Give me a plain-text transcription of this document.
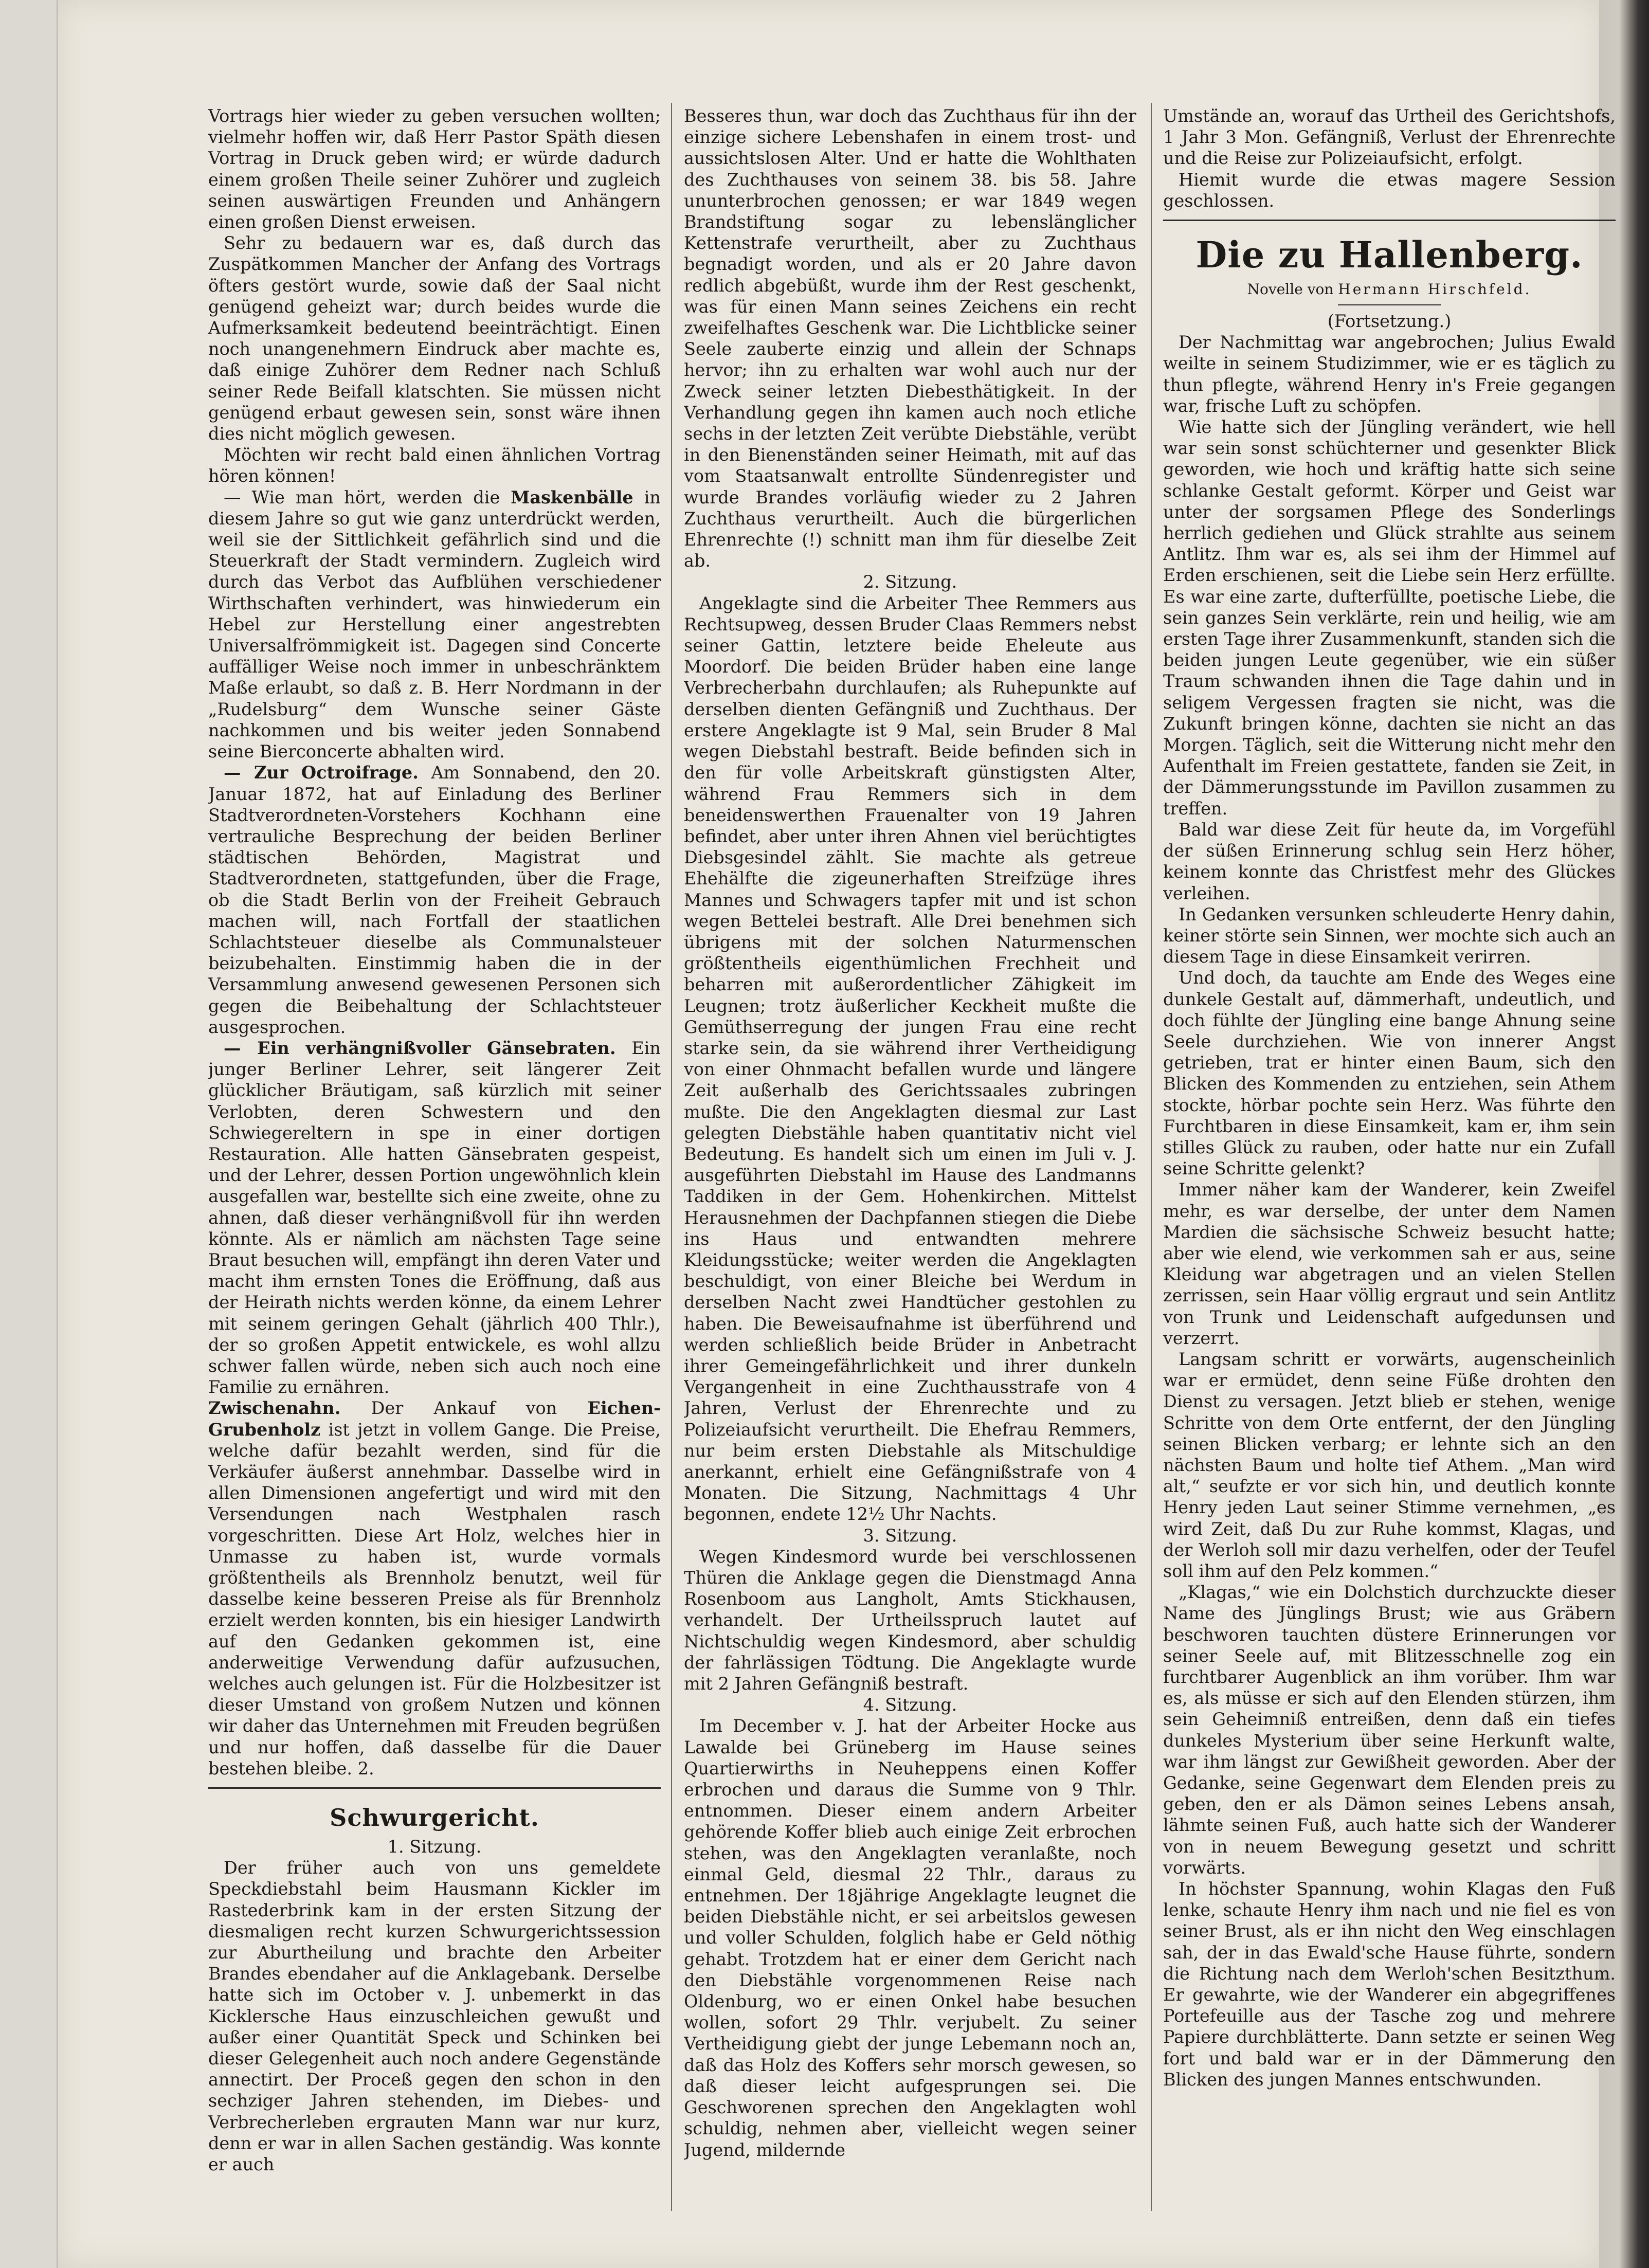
Vortrags hier wieder zu geben versuchen wollten; vielmehr hoffen wir, daß Herr Pastor Späth diesen Vortrag in Druck geben wird; er würde dadurch einem großen Theile seiner Zuhörer und zugleich seinen auswärtigen Freunden und Anhängern einen großen Dienst erweisen.

Sehr zu bedauern war es, daß durch das Zuspätkommen Mancher der Anfang des Vortrags öfters gestört wurde, sowie daß der Saal nicht genügend geheizt war; durch beides wurde die Aufmerksamkeit bedeutend beeinträchtigt. Einen noch unangenehmern Eindruck aber machte es, daß einige Zuhörer dem Redner nach Schluß seiner Rede Beifall klatschten. Sie müssen nicht genügend erbaut gewesen sein, sonst wäre ihnen dies nicht möglich gewesen.

Möchten wir recht bald einen ähnlichen Vortrag hören können!

— Wie man hört, werden die Maskenbälle in diesem Jahre so gut wie ganz unterdrückt werden, weil sie der Sittlichkeit gefährlich sind und die Steuerkraft der Stadt vermindern. Zugleich wird durch das Verbot das Aufblühen verschiedener Wirthschaften verhindert, was hinwiederum ein Hebel zur Herstellung einer angestrebten Universalfrömmigkeit ist. Dagegen sind Concerte auffälliger Weise noch immer in unbeschränktem Maße erlaubt, so daß z. B. Herr Nordmann in der „Rudelsburg“ dem Wunsche seiner Gäste nachkommen und bis weiter jeden Sonnabend seine Bierconcerte abhalten wird.

— Zur Octroifrage. Am Sonnabend, den 20. Januar 1872, hat auf Einladung des Berliner Stadtverordneten-Vorstehers Kochhann eine vertrauliche Besprechung der beiden Berliner städtischen Behörden, Magistrat und Stadtverordneten, stattgefunden, über die Frage, ob die Stadt Berlin von der Freiheit Gebrauch machen will, nach Fortfall der staatlichen Schlachtsteuer dieselbe als Communalsteuer beizubehalten. Einstimmig haben die in der Versammlung anwesend gewesenen Personen sich gegen die Beibehaltung der Schlachtsteuer ausgesprochen.

— Ein verhängnißvoller Gänsebraten. Ein junger Berliner Lehrer, seit längerer Zeit glücklicher Bräutigam, saß kürzlich mit seiner Verlobten, deren Schwestern und den Schwiegereltern in spe in einer dortigen Restauration. Alle hatten Gänsebraten gespeist, und der Lehrer, dessen Portion ungewöhnlich klein ausgefallen war, bestellte sich eine zweite, ohne zu ahnen, daß dieser verhängnißvoll für ihn werden könnte. Als er nämlich am nächsten Tage seine Braut besuchen will, empfängt ihn deren Vater und macht ihm ernsten Tones die Eröffnung, daß aus der Heirath nichts werden könne, da einem Lehrer mit seinem geringen Gehalt (jährlich 400 Thlr.), der so großen Appetit entwickele, es wohl allzu schwer fallen würde, neben sich auch noch eine Familie zu ernähren.

Zwischenahn. Der Ankauf von Eichen-Grubenholz ist jetzt in vollem Gange. Die Preise, welche dafür bezahlt werden, sind für die Verkäufer äußerst annehmbar. Dasselbe wird in allen Dimensionen angefertigt und wird mit den Versendungen nach Westphalen rasch vorgeschritten. Diese Art Holz, welches hier in Unmasse zu haben ist, wurde vormals größtentheils als Brennholz benutzt, weil für dasselbe keine besseren Preise als für Brennholz erzielt werden konnten, bis ein hiesiger Landwirth auf den Gedanken gekommen ist, eine anderweitige Verwendung dafür aufzusuchen, welches auch gelungen ist. Für die Holzbesitzer ist dieser Umstand von großem Nutzen und können wir daher das Unternehmen mit Freuden begrüßen und nur hoffen, daß dasselbe für die Dauer bestehen bleibe. 2.

Schwurgericht.

1. Sitzung.

Der früher auch von uns gemeldete Speckdiebstahl beim Hausmann Kickler im Rastederbrink kam in der ersten Sitzung der diesmaligen recht kurzen Schwurgerichtssession zur Aburtheilung und brachte den Arbeiter Brandes ebendaher auf die Anklagebank. Derselbe hatte sich im October v. J. unbemerkt in das Kicklersche Haus einzuschleichen gewußt und außer einer Quantität Speck und Schinken bei dieser Gelegenheit auch noch andere Gegenstände annectirt. Der Proceß gegen den schon in den sechziger Jahren stehenden, im Diebes- und Verbrecherleben ergrauten Mann war nur kurz, denn er war in allen Sachen geständig. Was konnte er auch

Besseres thun, war doch das Zuchthaus für ihn der einzige sichere Lebenshafen in einem trost- und aussichtslosen Alter. Und er hatte die Wohlthaten des Zuchthauses von seinem 38. bis 58. Jahre ununterbrochen genossen; er war 1849 wegen Brandstiftung sogar zu lebenslänglicher Kettenstrafe verurtheilt, aber zu Zuchthaus begnadigt worden, und als er 20 Jahre davon redlich abgebüßt, wurde ihm der Rest geschenkt, was für einen Mann seines Zeichens ein recht zweifelhaftes Geschenk war. Die Lichtblicke seiner Seele zauberte einzig und allein der Schnaps hervor; ihn zu erhalten war wohl auch nur der Zweck seiner letzten Diebesthätigkeit. In der Verhandlung gegen ihn kamen auch noch etliche sechs in der letzten Zeit verübte Diebstähle, verübt in den Bienenständen seiner Heimath, mit auf das vom Staatsanwalt entrollte Sündenregister und wurde Brandes vorläufig wieder zu 2 Jahren Zuchthaus verurtheilt. Auch die bürgerlichen Ehrenrechte (!) schnitt man ihm für dieselbe Zeit ab.

2. Sitzung.

Angeklagte sind die Arbeiter Thee Remmers aus Rechtsupweg, dessen Bruder Claas Remmers nebst seiner Gattin, letztere beide Eheleute aus Moordorf. Die beiden Brüder haben eine lange Verbrecherbahn durchlaufen; als Ruhepunkte auf derselben dienten Gefängniß und Zuchthaus. Der erstere Angeklagte ist 9 Mal, sein Bruder 8 Mal wegen Diebstahl bestraft. Beide befinden sich in den für volle Arbeitskraft günstigsten Alter, während Frau Remmers sich in dem beneidenswerthen Frauenalter von 19 Jahren befindet, aber unter ihren Ahnen viel berüchtigtes Diebsgesindel zählt. Sie machte als getreue Ehehälfte die zigeunerhaften Streifzüge ihres Mannes und Schwagers tapfer mit und ist schon wegen Bettelei bestraft. Alle Drei benehmen sich übrigens mit der solchen Naturmenschen größtentheils eigenthümlichen Frechheit und beharren mit außerordentlicher Zähigkeit im Leugnen; trotz äußerlicher Keckheit mußte die Gemüthserregung der jungen Frau eine recht starke sein, da sie während ihrer Vertheidigung von einer Ohnmacht befallen wurde und längere Zeit außerhalb des Gerichtssaales zubringen mußte. Die den Angeklagten diesmal zur Last gelegten Diebstähle haben quantitativ nicht viel Bedeutung. Es handelt sich um einen im Juli v. J. ausgeführten Diebstahl im Hause des Landmanns Taddiken in der Gem. Hohenkirchen. Mittelst Herausnehmen der Dachpfannen stiegen die Diebe ins Haus und entwandten mehrere Kleidungsstücke; weiter werden die Angeklagten beschuldigt, von einer Bleiche bei Werdum in derselben Nacht zwei Handtücher gestohlen zu haben. Die Beweisaufnahme ist überführend und werden schließlich beide Brüder in Anbetracht ihrer Gemeingefährlichkeit und ihrer dunkeln Vergangenheit in eine Zuchthausstrafe von 4 Jahren, Verlust der Ehrenrechte und zu Polizeiaufsicht verurtheilt. Die Ehefrau Remmers, nur beim ersten Diebstahle als Mitschuldige anerkannt, erhielt eine Gefängnißstrafe von 4 Monaten. Die Sitzung, Nachmittags 4 Uhr begonnen, endete 12½ Uhr Nachts.

3. Sitzung.

Wegen Kindesmord wurde bei verschlossenen Thüren die Anklage gegen die Dienstmagd Anna Rosenboom aus Langholt, Amts Stickhausen, verhandelt. Der Urtheilsspruch lautet auf Nichtschuldig wegen Kindesmord, aber schuldig der fahrlässigen Tödtung. Die Angeklagte wurde mit 2 Jahren Gefängniß bestraft.

4. Sitzung.

Im December v. J. hat der Arbeiter Hocke aus Lawalde bei Grüneberg im Hause seines Quartierwirths in Neuheppens einen Koffer erbrochen und daraus die Summe von 9 Thlr. entnommen. Dieser einem andern Arbeiter gehörende Koffer blieb auch einige Zeit erbrochen stehen, was den Angeklagten veranlaßte, noch einmal Geld, diesmal 22 Thlr., daraus zu entnehmen. Der 18jährige Angeklagte leugnet die beiden Diebstähle nicht, er sei arbeitslos gewesen und voller Schulden, folglich habe er Geld nöthig gehabt. Trotzdem hat er einer dem Gericht nach den Diebstähle vorgenommenen Reise nach Oldenburg, wo er einen Onkel habe besuchen wollen, sofort 29 Thlr. verjubelt. Zu seiner Vertheidigung giebt der junge Lebemann noch an, daß das Holz des Koffers sehr morsch gewesen, so daß dieser leicht aufgesprungen sei. Die Geschworenen sprechen den Angeklagten wohl schuldig, nehmen aber, vielleicht wegen seiner Jugend, mildernde

Umstände an, worauf das Urtheil des Gerichtshofs, 1 Jahr 3 Mon. Gefängniß, Verlust der Ehrenrechte und die Reise zur Polizeiaufsicht, erfolgt.

Hiemit wurde die etwas magere Session geschlossen.

Die zu Hallenberg.
Novelle von Hermann Hirschfeld.

(Fortsetzung.)

Der Nachmittag war angebrochen; Julius Ewald weilte in seinem Studizimmer, wie er es täglich zu thun pflegte, während Henry in's Freie gegangen war, frische Luft zu schöpfen.

Wie hatte sich der Jüngling verändert, wie hell war sein sonst schüchterner und gesenkter Blick geworden, wie hoch und kräftig hatte sich seine schlanke Gestalt geformt. Körper und Geist war unter der sorgsamen Pflege des Sonderlings herrlich gediehen und Glück strahlte aus seinem Antlitz. Ihm war es, als sei ihm der Himmel auf Erden erschienen, seit die Liebe sein Herz erfüllte. Es war eine zarte, dufterfüllte, poetische Liebe, die sein ganzes Sein verklärte, rein und heilig, wie am ersten Tage ihrer Zusammenkunft, standen sich die beiden jungen Leute gegenüber, wie ein süßer Traum schwanden ihnen die Tage dahin und in seligem Vergessen fragten sie nicht, was die Zukunft bringen könne, dachten sie nicht an das Morgen. Täglich, seit die Witterung nicht mehr den Aufenthalt im Freien gestattete, fanden sie Zeit, in der Dämmerungsstunde im Pavillon zusammen zu treffen.

Bald war diese Zeit für heute da, im Vorgefühl der süßen Erinnerung schlug sein Herz höher, keinem konnte das Christfest mehr des Glückes verleihen.

In Gedanken versunken schleuderte Henry dahin, keiner störte sein Sinnen, wer mochte sich auch an diesem Tage in diese Einsamkeit verirren.

Und doch, da tauchte am Ende des Weges eine dunkele Gestalt auf, dämmerhaft, undeutlich, und doch fühlte der Jüngling eine bange Ahnung seine Seele durchziehen. Wie von innerer Angst getrieben, trat er hinter einen Baum, sich den Blicken des Kommenden zu entziehen, sein Athem stockte, hörbar pochte sein Herz. Was führte den Furchtbaren in diese Einsamkeit, kam er, ihm sein stilles Glück zu rauben, oder hatte nur ein Zufall seine Schritte gelenkt?

Immer näher kam der Wanderer, kein Zweifel mehr, es war derselbe, der unter dem Namen Mardien die sächsische Schweiz besucht hatte; aber wie elend, wie verkommen sah er aus, seine Kleidung war abgetragen und an vielen Stellen zerrissen, sein Haar völlig ergraut und sein Antlitz von Trunk und Leidenschaft aufgedunsen und verzerrt.

Langsam schritt er vorwärts, augenscheinlich war er ermüdet, denn seine Füße drohten den Dienst zu versagen. Jetzt blieb er stehen, wenige Schritte von dem Orte entfernt, der den Jüngling seinen Blicken verbarg; er lehnte sich an den nächsten Baum und holte tief Athem. „Man wird alt,“ seufzte er vor sich hin, und deutlich konnte Henry jeden Laut seiner Stimme vernehmen, „es wird Zeit, daß Du zur Ruhe kommst, Klagas, und der Werloh soll mir dazu verhelfen, oder der Teufel soll ihm auf den Pelz kommen.“

„Klagas,“ wie ein Dolchstich durchzuckte dieser Name des Jünglings Brust; wie aus Gräbern beschworen tauchten düstere Erinnerungen vor seiner Seele auf, mit Blitzesschnelle zog ein furchtbarer Augenblick an ihm vorüber. Ihm war es, als müsse er sich auf den Elenden stürzen, ihm sein Geheimniß entreißen, denn daß ein tiefes dunkeles Mysterium über seine Herkunft walte, war ihm längst zur Gewißheit geworden. Aber der Gedanke, seine Gegenwart dem Elenden preis zu geben, den er als Dämon seines Lebens ansah, lähmte seinen Fuß, auch hatte sich der Wanderer von in neuem Bewegung gesetzt und schritt vorwärts.

In höchster Spannung, wohin Klagas den Fuß lenke, schaute Henry ihm nach und nie fiel es von seiner Brust, als er ihn nicht den Weg einschlagen sah, der in das Ewald'sche Hause führte, sondern die Richtung nach dem Werloh'schen Besitzthum. Er gewahrte, wie der Wanderer ein abgegriffenes Portefeuille aus der Tasche zog und mehrere Papiere durchblätterte. Dann setzte er seinen Weg fort und bald war er in der Dämmerung den Blicken des jungen Mannes entschwunden.
